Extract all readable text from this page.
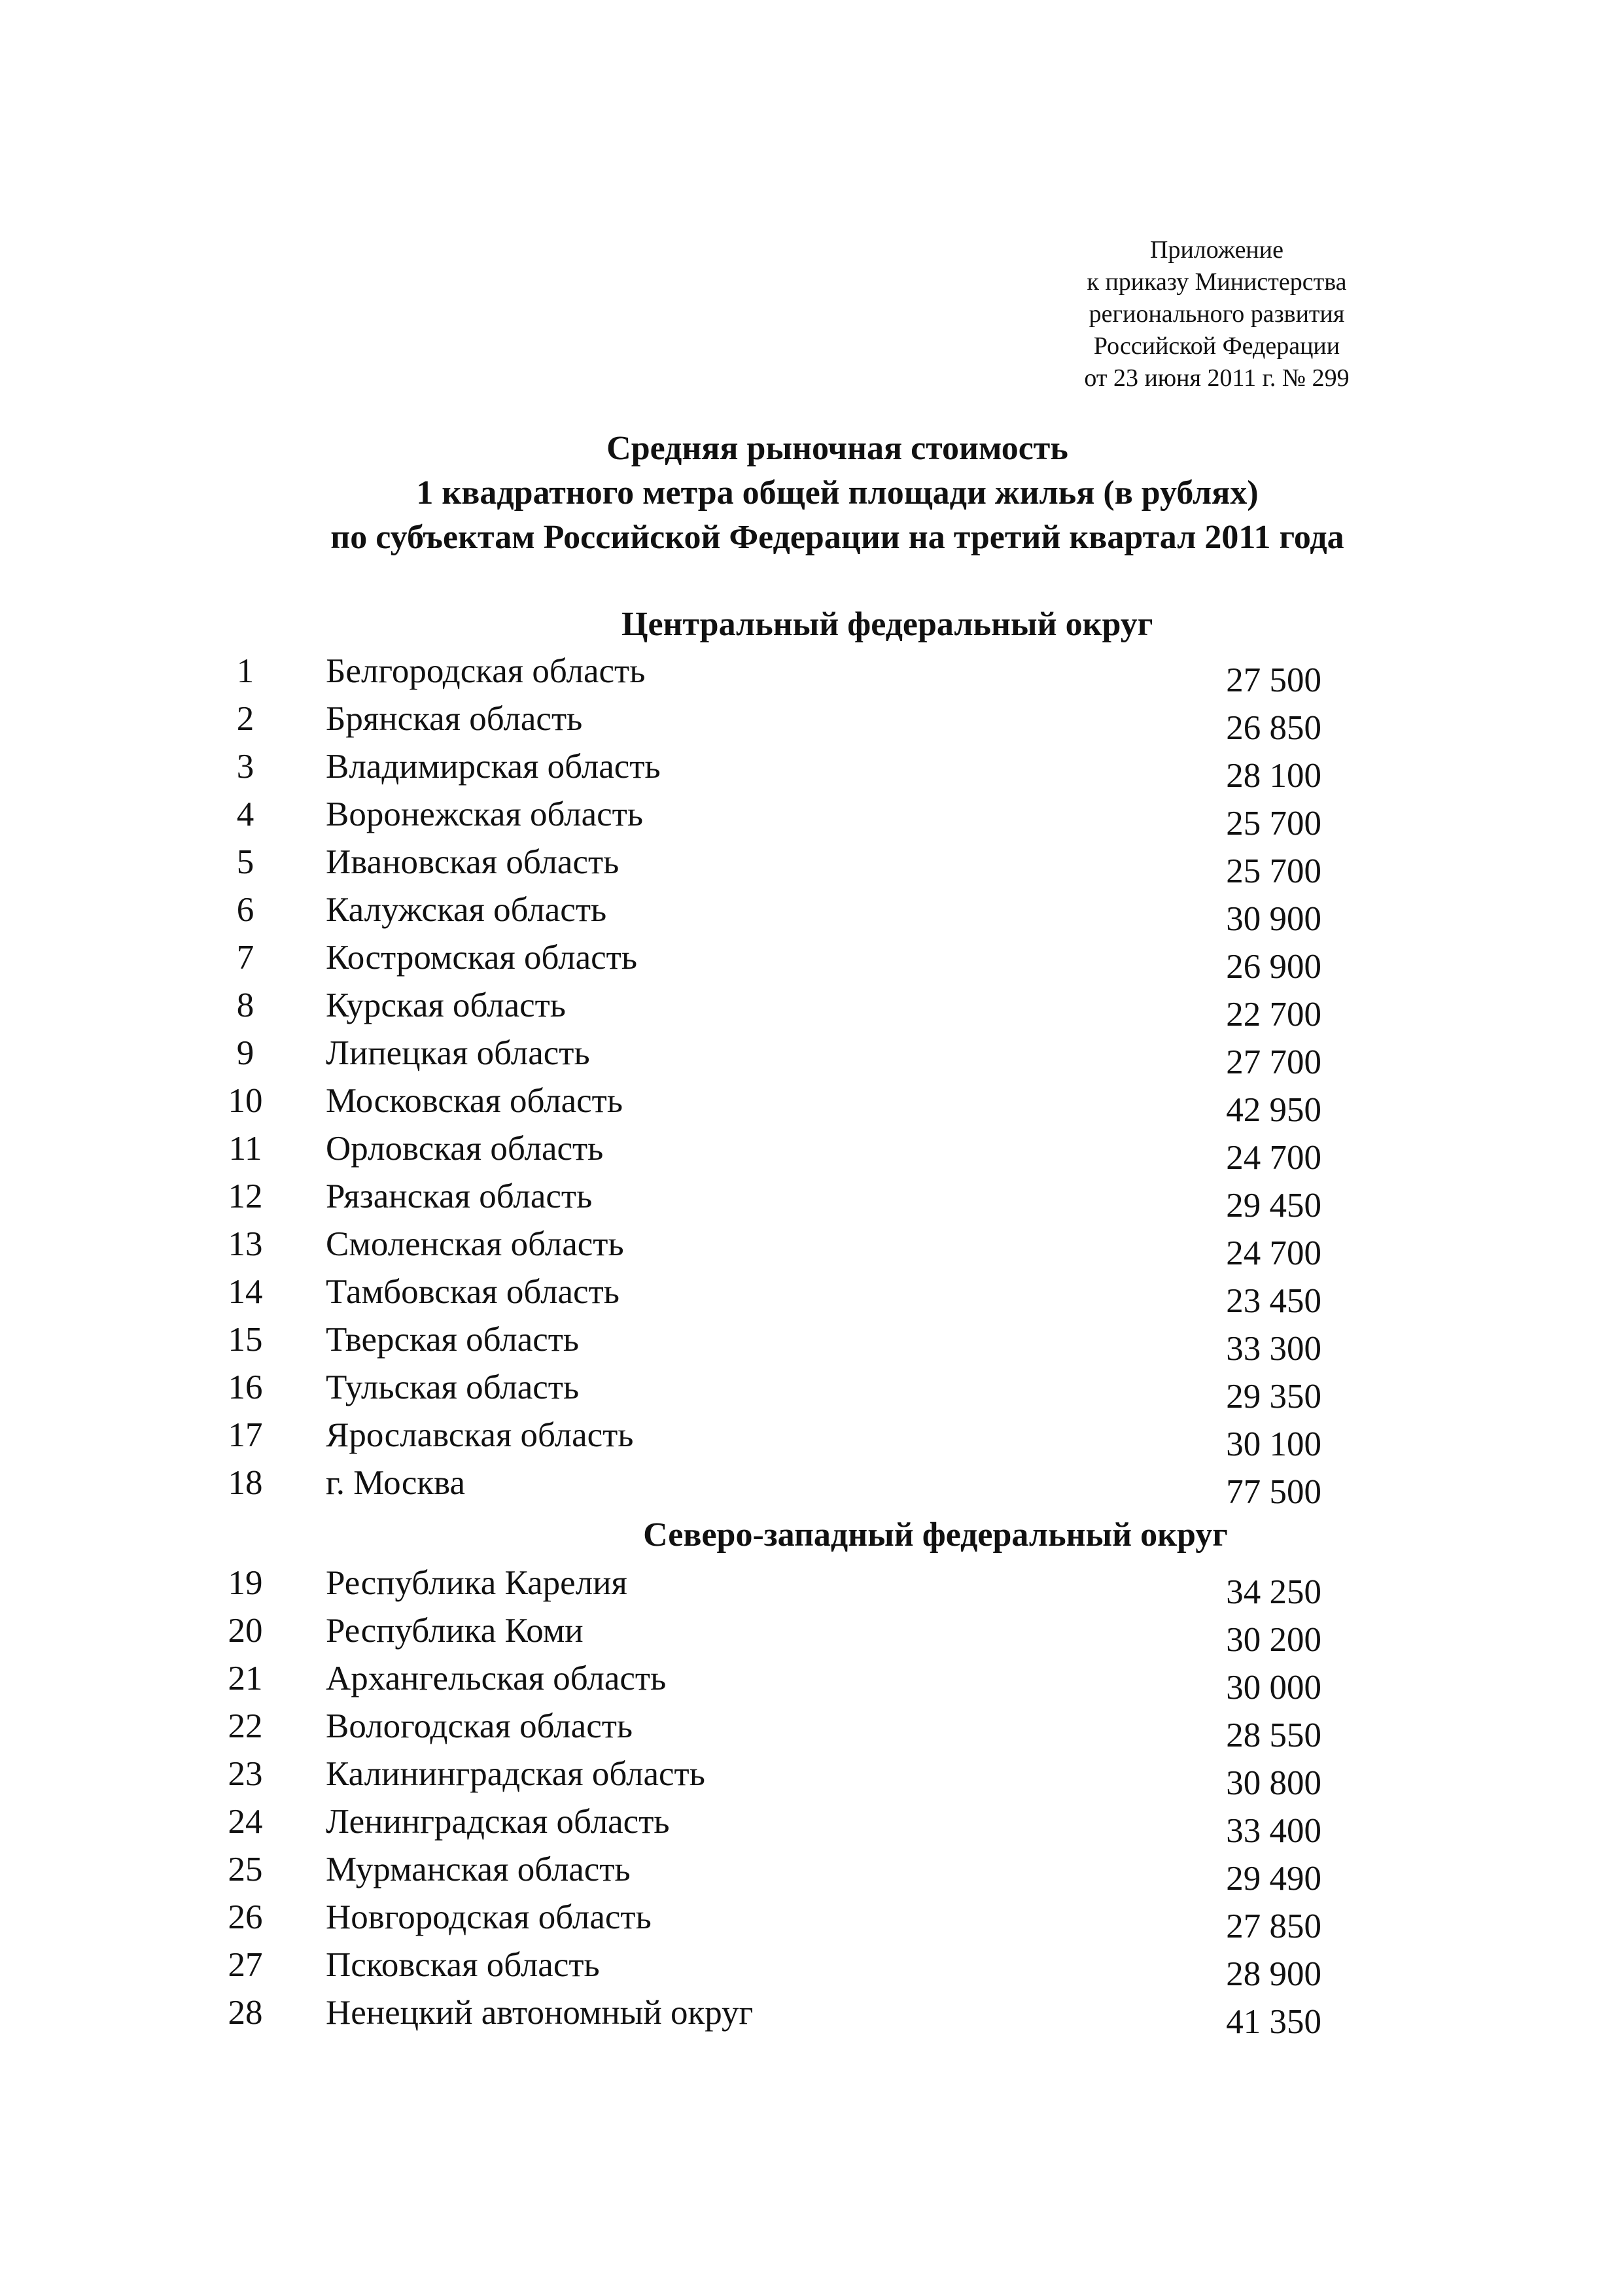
Приложение
к приказу Министерства
регионального развития
Российской Федерации
от 23 июня 2011 г. № 299
Средняя рыночная стоимость
1 квадратного метра общей площади жилья (в рублях)
по субъектам Российской Федерации на третий квартал 2011 года
Центральный федеральный округ
1	Белгородская область	27 500
2	Брянская область	26 850
3	Владимирская область	28 100
4	Воронежская область	25 700
5	Ивановская область	25 700
6	Калужская область	30 900
7	Костромская область	26 900
8	Курская область	22 700
9	Липецкая область	27 700
10	Московская область	42 950
11	Орловская область	24 700
12	Рязанская область	29 450
13	Смоленская область	24 700
14	Тамбовская область	23 450
15	Тверская область	33 300
16	Тульская область	29 350
17	Ярославская область	30 100
18	г. Москва	77 500
Северо-западный федеральный округ
19	Республика Карелия	34 250
20	Республика Коми	30 200
21	Архангельская область	30 000
22	Вологодская область	28 550
23	Калининградская область	30 800
24	Ленинградская область	33 400
25	Мурманская область	29 490
26	Новгородская область	27 850
27	Псковская область	28 900
28	Ненецкий автономный округ	41 350
